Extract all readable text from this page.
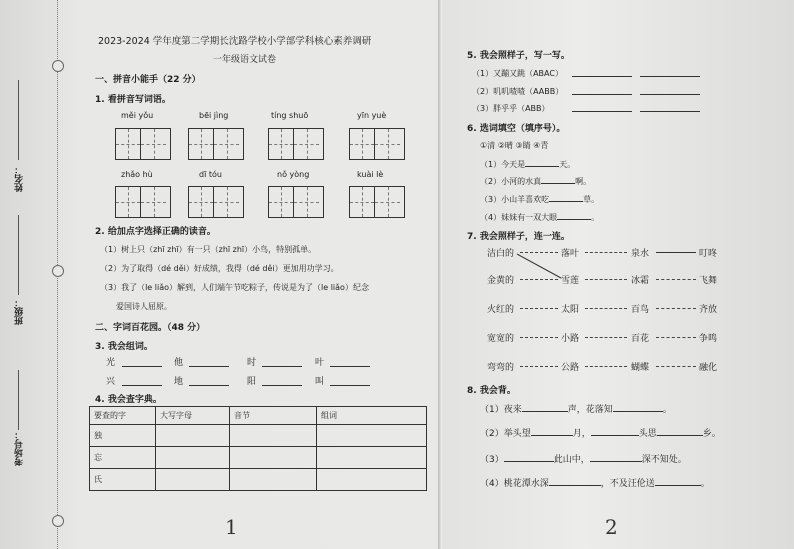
姓名：
班级：
考场号：
2023-2024 学年度第二学期长沈路学校小学部学科核心素养调研
一年级语文试卷
一、拼音小能手（22 分）
1. 看拼音写词语。
měi yǒu	bēi jìng	tíng shuō	yīn yuè
zhǎo hù	dī tóu	nǒ yòng	kuài lè
2. 给加点字选择正确的读音。
（1）树上只（zhī zhī）有一只（zhī zhī）小鸟，特别孤单。
（2）为了取得（dé děi）好成绩，我得（dé děi）更加用功学习。
（3）我了（le liǎo）解到，人们端午节吃粽子，传说是为了（le liǎo）纪念
爱国诗人屈原。
二、字词百花园。（48 分）
3. 我会组词。
光	他	时	叶
兴	地	阳	叫
4. 我会查字典。
要查的字	大写字母	音节	组词
独			
忘			
氏			
1
5. 我会照样子，写一写。
（1）又蹦又跳（ABAC）
（2）叽叽喳喳（AABB）
（3）胖乎乎（ABB）
6. 选词填空（填序号）。
①清 ②晴 ③睛 ④青
（1）今天是	天。
（2）小河的水真	啊。
（3）小山羊喜欢吃	草。
（4）妹妹有一双大眼	。
7. 我会照样子，连一连。
洁白的	落叶	泉水	叮咚
金黄的	雪莲	冰霜	飞舞
火红的	太阳	百鸟	齐放
宽宽的	小路	百花	争鸣
弯弯的	公路	蝴蝶	融化
8. 我会背。
（1）夜来	声，花落知	。
（2）举头望	月，	头思	乡。
（3）	此山中，	深不知处。
（4）桃花潭水深	，不及汪伦送	。
2
